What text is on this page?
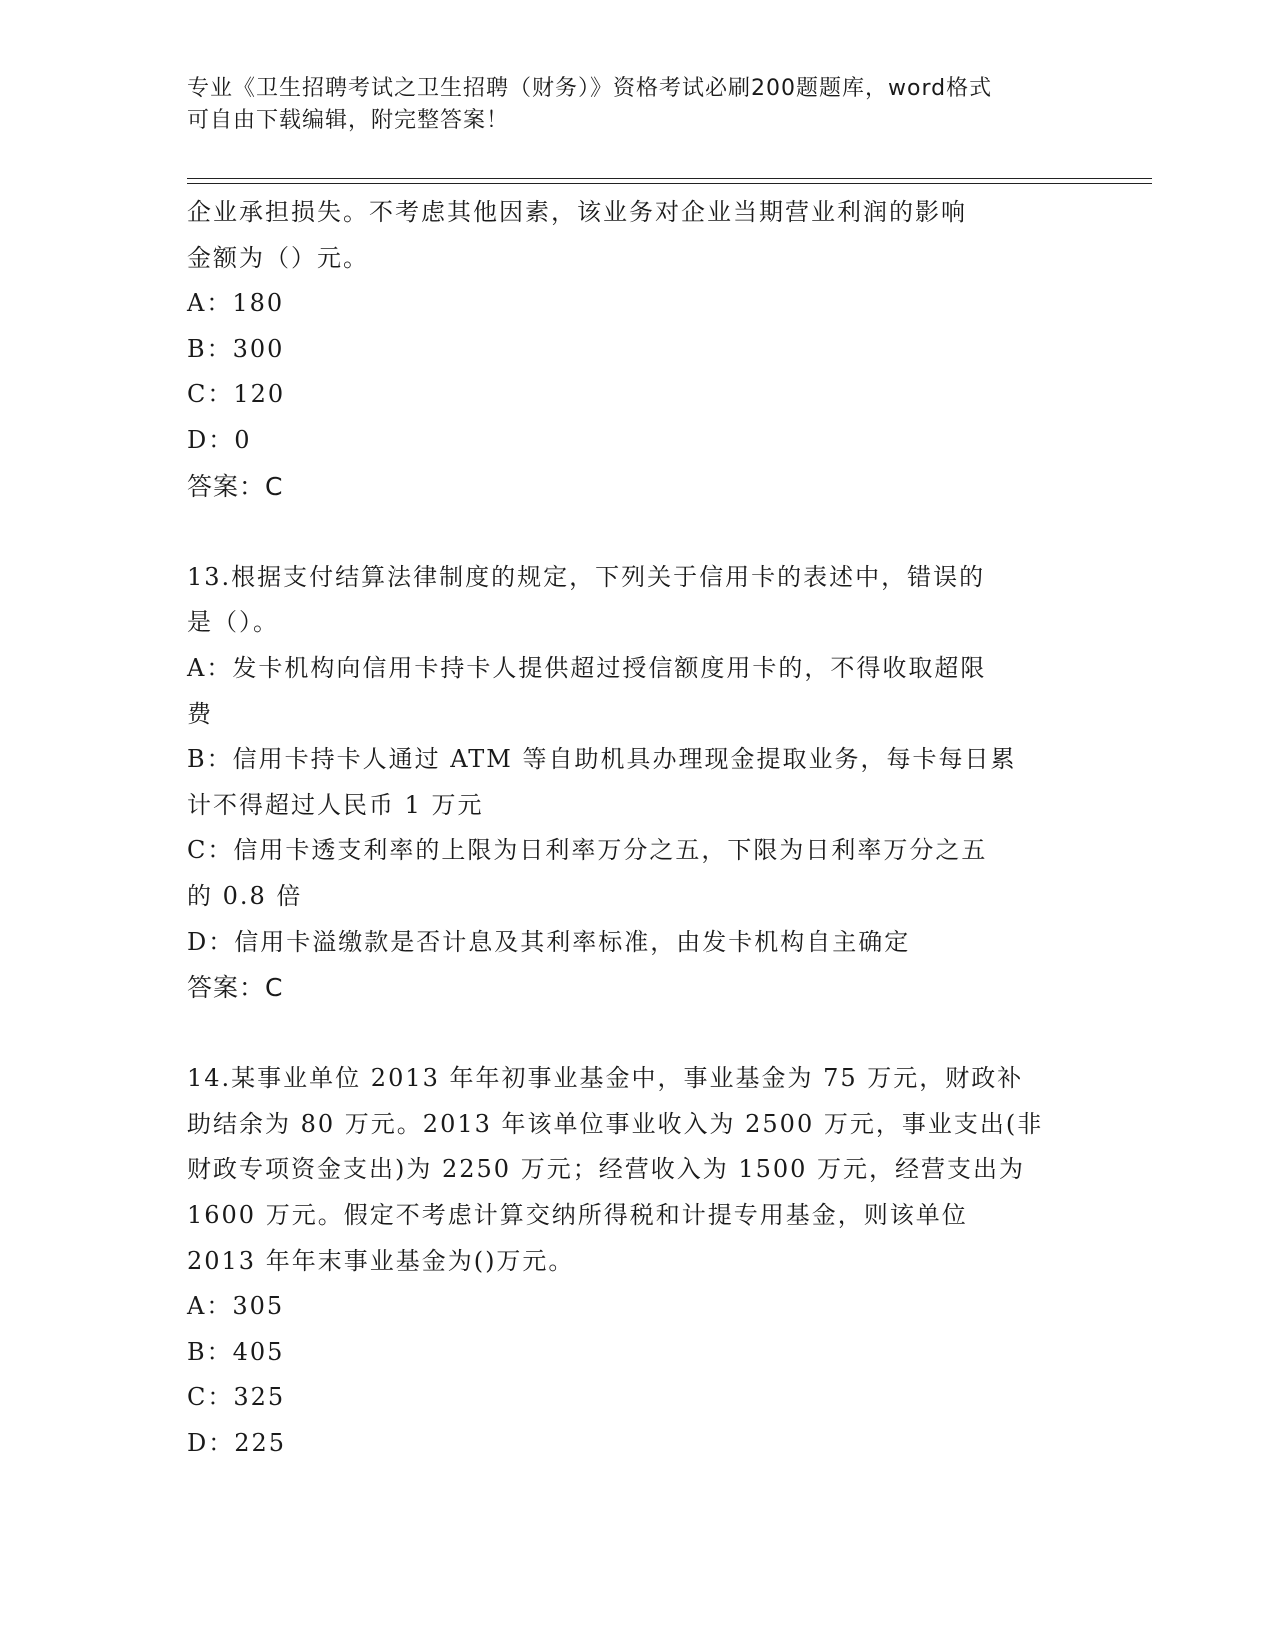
专业《卫生招聘考试之卫生招聘（财务）》资格考试必刷200题题库，word格式
可自由下载编辑，附完整答案！
企业承担损失。不考虑其他因素，该业务对企业当期营业利润的影响
金额为（）元。
A：180
B：300
C：120
D：0
答案：C
13.根据支付结算法律制度的规定，下列关于信用卡的表述中，错误的
是（）。
A：发卡机构向信用卡持卡人提供超过授信额度用卡的，不得收取超限
费
B：信用卡持卡人通过 ATM 等自助机具办理现金提取业务，每卡每日累
计不得超过人民币 1 万元
C：信用卡透支利率的上限为日利率万分之五，下限为日利率万分之五
的 0.8 倍
D：信用卡溢缴款是否计息及其利率标准，由发卡机构自主确定
答案：C
14.某事业单位 2013 年年初事业基金中，事业基金为 75 万元，财政补
助结余为 80 万元。2013 年该单位事业收入为 2500 万元，事业支出(非
财政专项资金支出)为 2250 万元；经营收入为 1500 万元，经营支出为
1600 万元。假定不考虑计算交纳所得税和计提专用基金，则该单位
2013 年年末事业基金为()万元。
A：305
B：405
C：325
D：225
